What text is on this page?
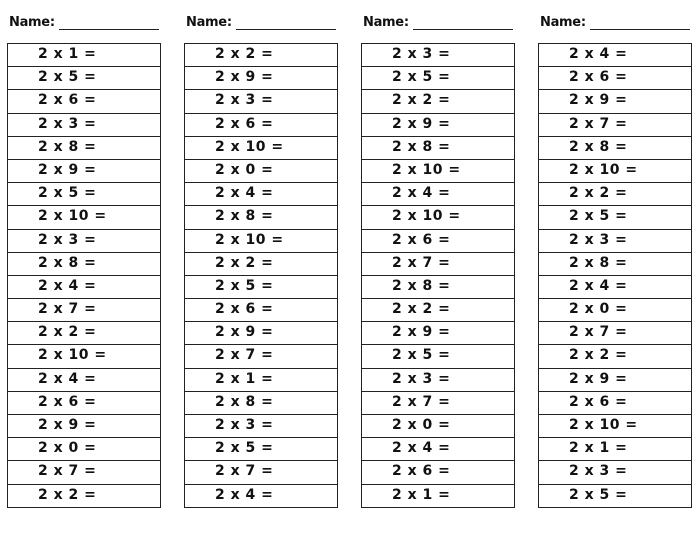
Name:
2 x 1 =
2 x 5 =
2 x 6 =
2 x 3 =
2 x 8 =
2 x 9 =
2 x 5 =
2 x 10 =
2 x 3 =
2 x 8 =
2 x 4 =
2 x 7 =
2 x 2 =
2 x 10 =
2 x 4 =
2 x 6 =
2 x 9 =
2 x 0 =
2 x 7 =
2 x 2 =
Name:
2 x 2 =
2 x 9 =
2 x 3 =
2 x 6 =
2 x 10 =
2 x 0 =
2 x 4 =
2 x 8 =
2 x 10 =
2 x 2 =
2 x 5 =
2 x 6 =
2 x 9 =
2 x 7 =
2 x 1 =
2 x 8 =
2 x 3 =
2 x 5 =
2 x 7 =
2 x 4 =
Name:
2 x 3 =
2 x 5 =
2 x 2 =
2 x 9 =
2 x 8 =
2 x 10 =
2 x 4 =
2 x 10 =
2 x 6 =
2 x 7 =
2 x 8 =
2 x 2 =
2 x 9 =
2 x 5 =
2 x 3 =
2 x 7 =
2 x 0 =
2 x 4 =
2 x 6 =
2 x 1 =
Name:
2 x 4 =
2 x 6 =
2 x 9 =
2 x 7 =
2 x 8 =
2 x 10 =
2 x 2 =
2 x 5 =
2 x 3 =
2 x 8 =
2 x 4 =
2 x 0 =
2 x 7 =
2 x 2 =
2 x 9 =
2 x 6 =
2 x 10 =
2 x 1 =
2 x 3 =
2 x 5 =
